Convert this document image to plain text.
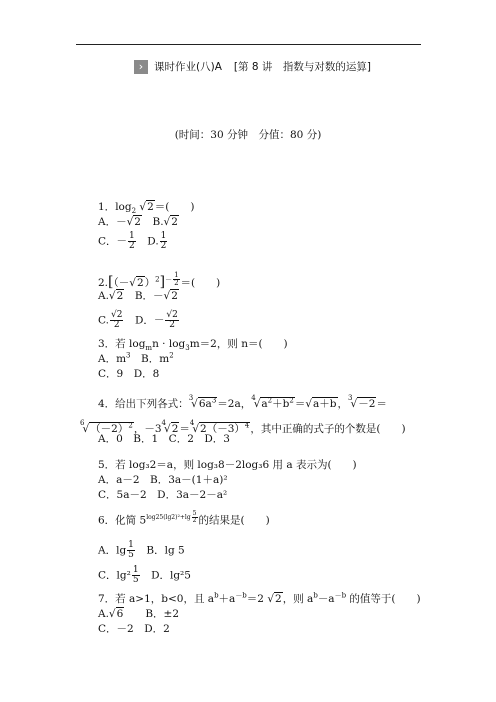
›	课时作业(八)A [第 8 讲　指数与对数的运算]
(时间：30 分钟　分值：80 分)
1．$\log_2 √2=$(　　)
A．－√2　 B.√2
C．－ $\frac{1}{2}$
　 D. $\frac{1}{2}$
$2.[(-√2)^2]^{- \frac{1}{2}}$ ＝(　　)
A.√2　 B．－√2
C. $\frac{√2}{2}$
　 D．－ $\frac{√2}{2}$
3．若 $\log_mn \cdot \log_3m=2$，则 n＝(　　)
A．$m^3$　 B．$m^2$
C．9　 D．8
4．给出下列各式：$^3√6a^3=2a$，$^4√a^2+b^2=√a+b$，$^3$√－2＝
$^6√(-2)^2$，$-3^4√2=^4√2(-3)^4$，其中正确的式子的个数是(　　)
A．0　B．1　C．2　D．3
5．若 log₃2＝a，则 log₃8－2log₃6 用 a 表示为(　　)
A．a－2　B．3a－(1＋a)²
C．5a－2　D．3a－2－a²
6．化简 $5^{log25(lg2)^2+lg \frac{5}{2}}$ 的结果是(　　)
A．$\lg \frac{1}{5}$
　 B．lg 5
C．$\lg^2 \frac{1}{5}$
　 D．lg²5
7．若 a>1，b<0，且 $a^b+a^{-b}=2$ √2，则 $a^b-a^{-b}$ 的值等于(　　)
A.√6　　 B．±2
C．－2　D．2
